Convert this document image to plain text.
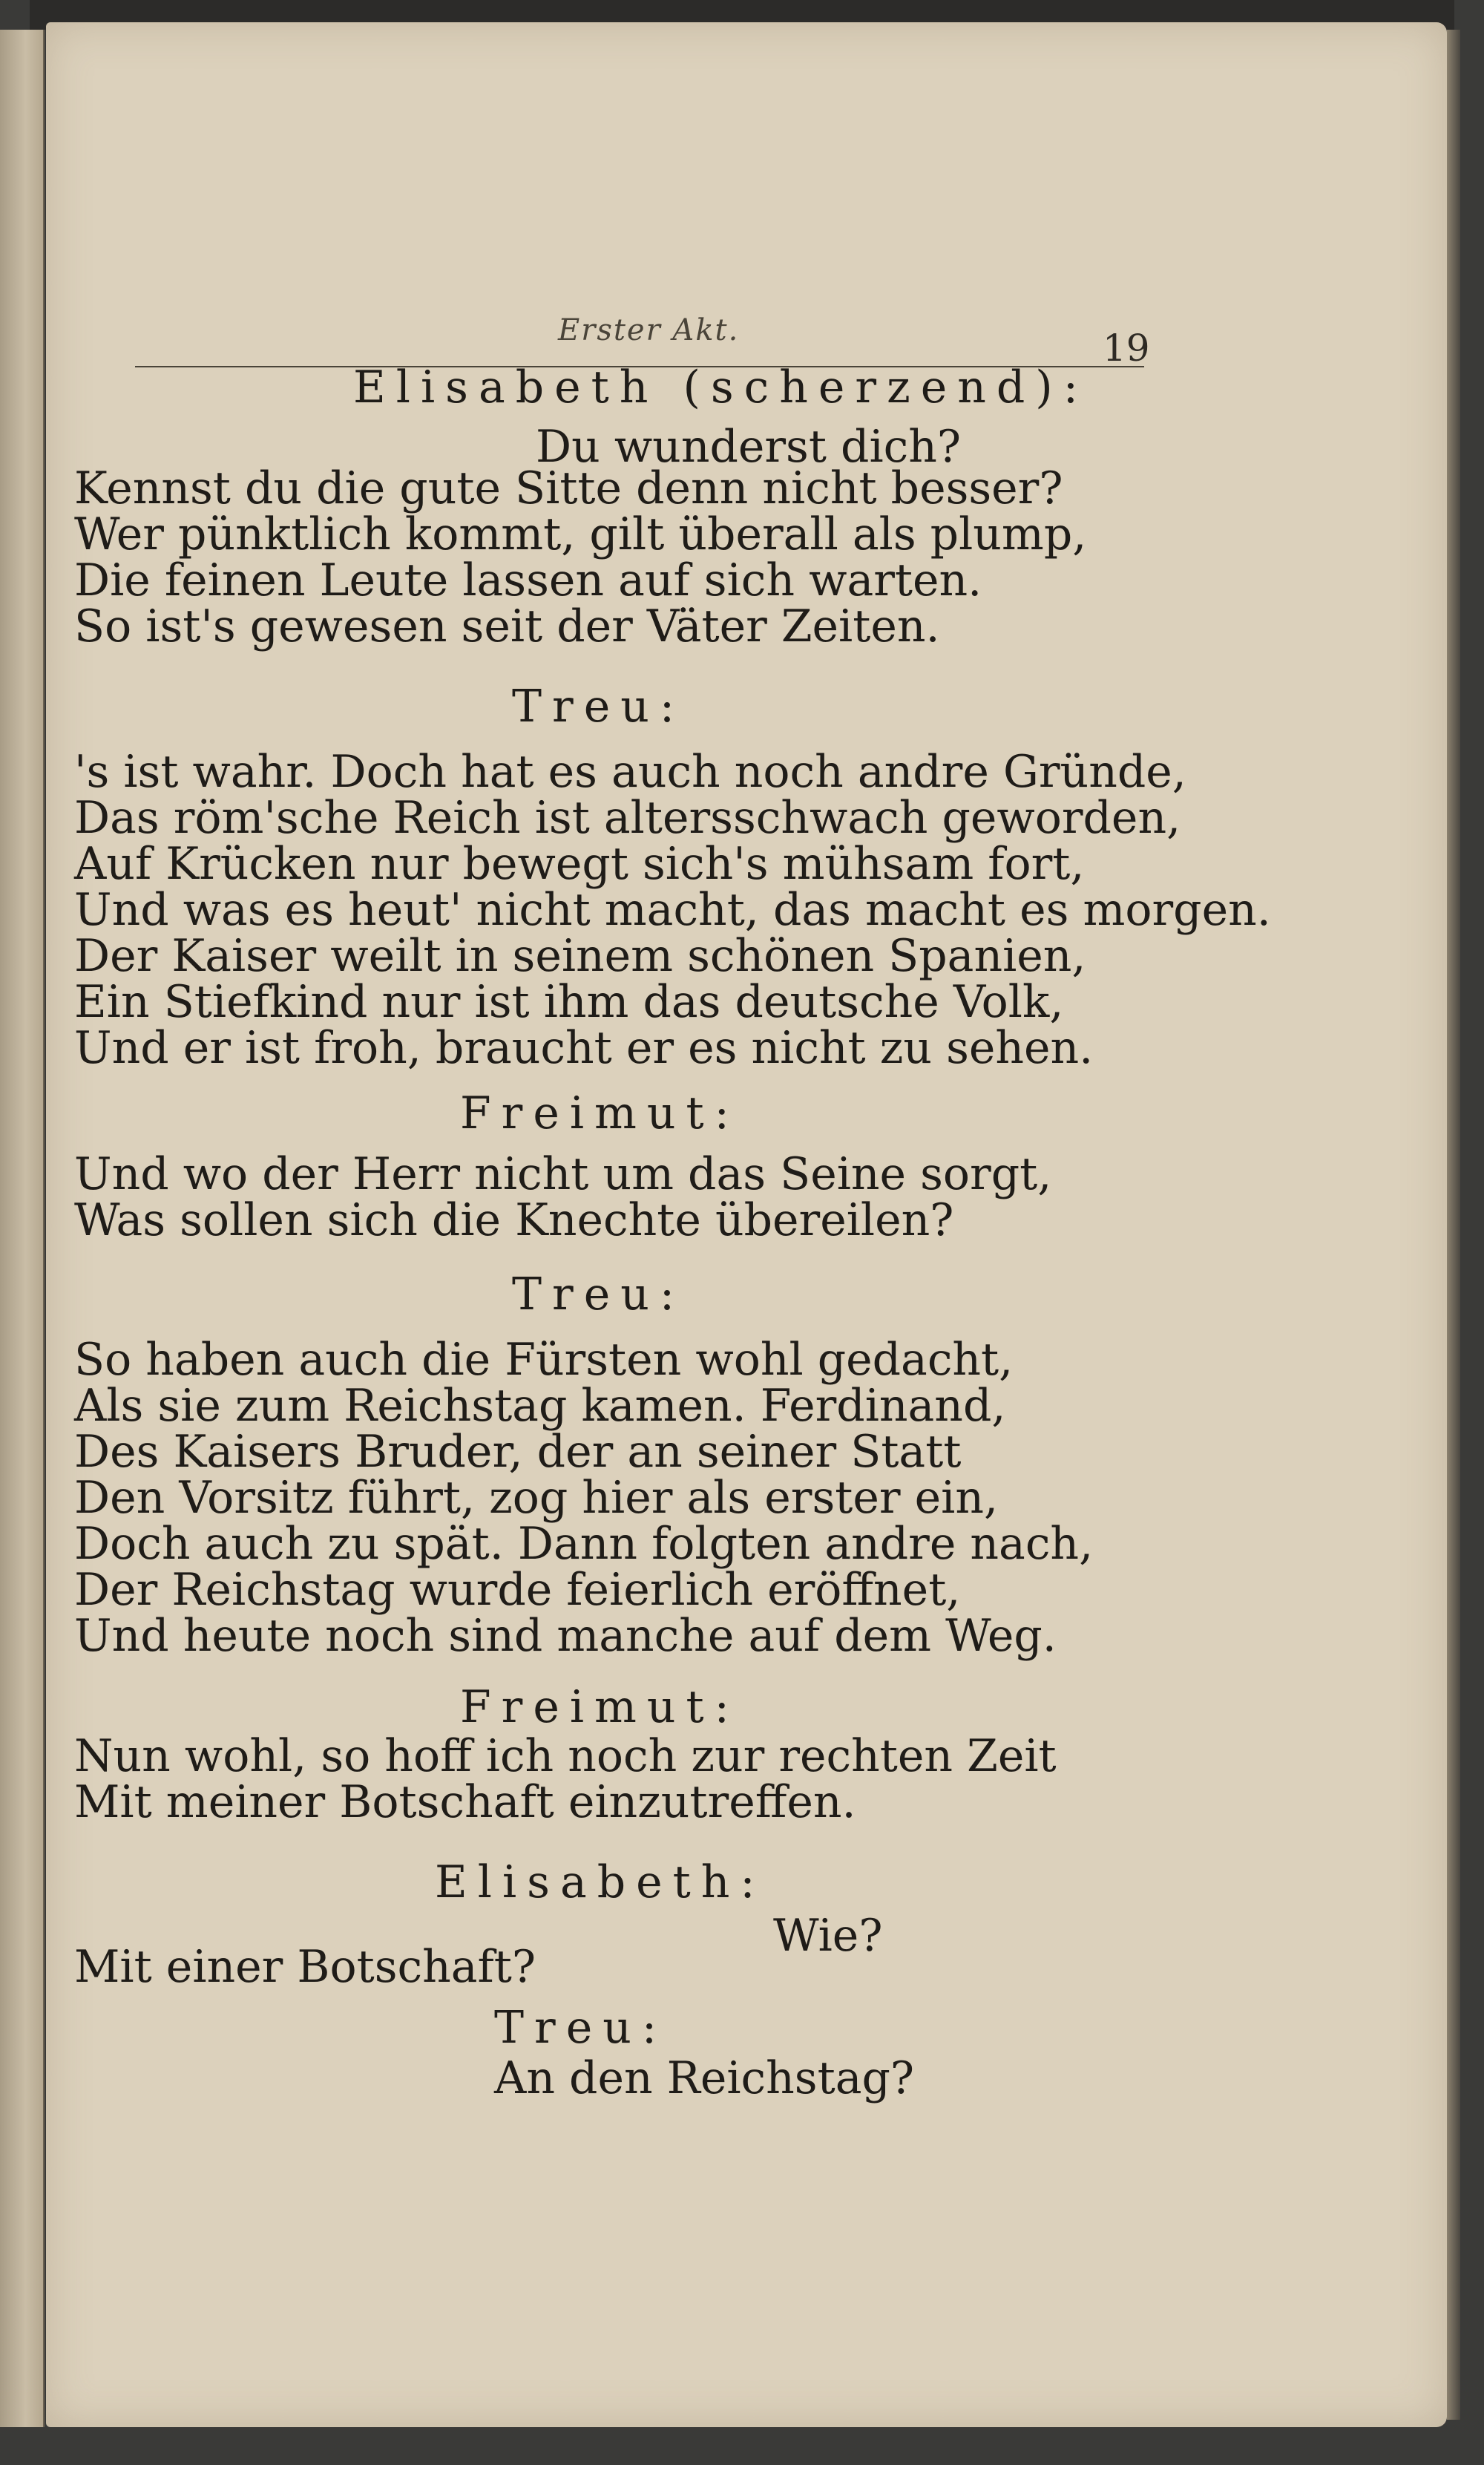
Erster Akt.	19
Elisabeth (scherzend):
Du wunderst dich?
Kennst du die gute Sitte denn nicht besser?
Wer pünktlich kommt, gilt überall als plump,
Die feinen Leute lassen auf sich warten.
So ist's gewesen seit der Väter Zeiten.
Treu:
's ist wahr. Doch hat es auch noch andre Gründe,
Das röm'sche Reich ist altersschwach geworden,
Auf Krücken nur bewegt sich's mühsam fort,
Und was es heut' nicht macht, das macht es morgen.
Der Kaiser weilt in seinem schönen Spanien,
Ein Stiefkind nur ist ihm das deutsche Volk,
Und er ist froh, braucht er es nicht zu sehen.
Freimut:
Und wo der Herr nicht um das Seine sorgt,
Was sollen sich die Knechte übereilen?
Treu:
So haben auch die Fürsten wohl gedacht,
Als sie zum Reichstag kamen. Ferdinand,
Des Kaisers Bruder, der an seiner Statt
Den Vorsitz führt, zog hier als erster ein,
Doch auch zu spät. Dann folgten andre nach,
Der Reichstag wurde feierlich eröffnet,
Und heute noch sind manche auf dem Weg.
Freimut:
Nun wohl, so hoff ich noch zur rechten Zeit
Mit meiner Botschaft einzutreffen.
Elisabeth:
Wie?
Mit einer Botschaft?
Treu:
An den Reichstag?
